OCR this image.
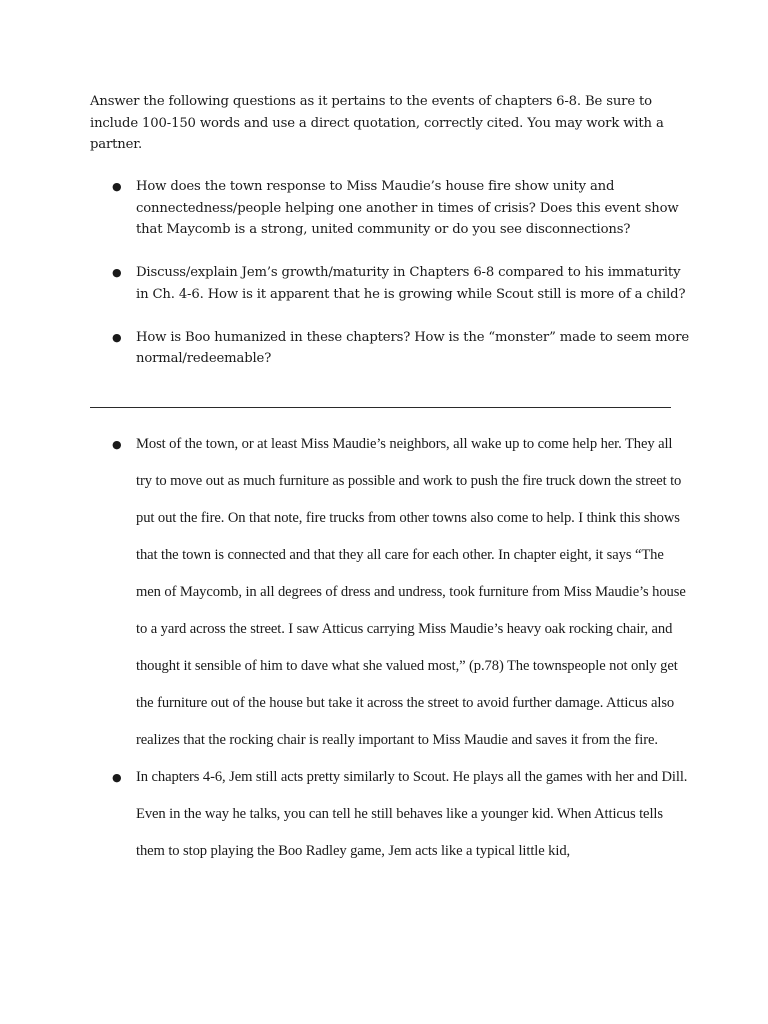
Answer the following questions as it pertains to the events of chapters 6-8. Be sure to include 100-150 words and use a direct quotation, correctly cited. You may work with a partner.

● How does the town response to Miss Maudie’s house fire show unity and connectedness/people helping one another in times of crisis? Does this event show that Maycomb is a strong, united community or do you see disconnections?
● Discuss/explain Jem’s growth/maturity in Chapters 6-8 compared to his immaturity in Ch. 4-6. How is it apparent that he is growing while Scout still is more of a child?
● How is Boo humanized in these chapters? How is the “monster” made to seem more normal/redeemable?
● Most of the town, or at least Miss Maudie’s neighbors, all wake up to come help her. They all try to move out as much furniture as possible and work to push the fire truck down the street to put out the fire. On that note, fire trucks from other towns also come to help. I think this shows that the town is connected and that they all care for each other. In chapter eight, it says “The men of Maycomb, in all degrees of dress and undress, took furniture from Miss Maudie’s house to a yard across the street. I saw Atticus carrying Miss Maudie’s heavy oak rocking chair, and thought it sensible of him to dave what she valued most,” (p.78) The townspeople not only get the furniture out of the house but take it across the street to avoid further damage. Atticus also realizes that the rocking chair is really important to Miss Maudie and saves it from the fire.
● In chapters 4-6, Jem still acts pretty similarly to Scout. He plays all the games with her and Dill. Even in the way he talks, you can tell he still behaves like a younger kid. When Atticus tells them to stop playing the Boo Radley game, Jem acts like a typical little kid,
